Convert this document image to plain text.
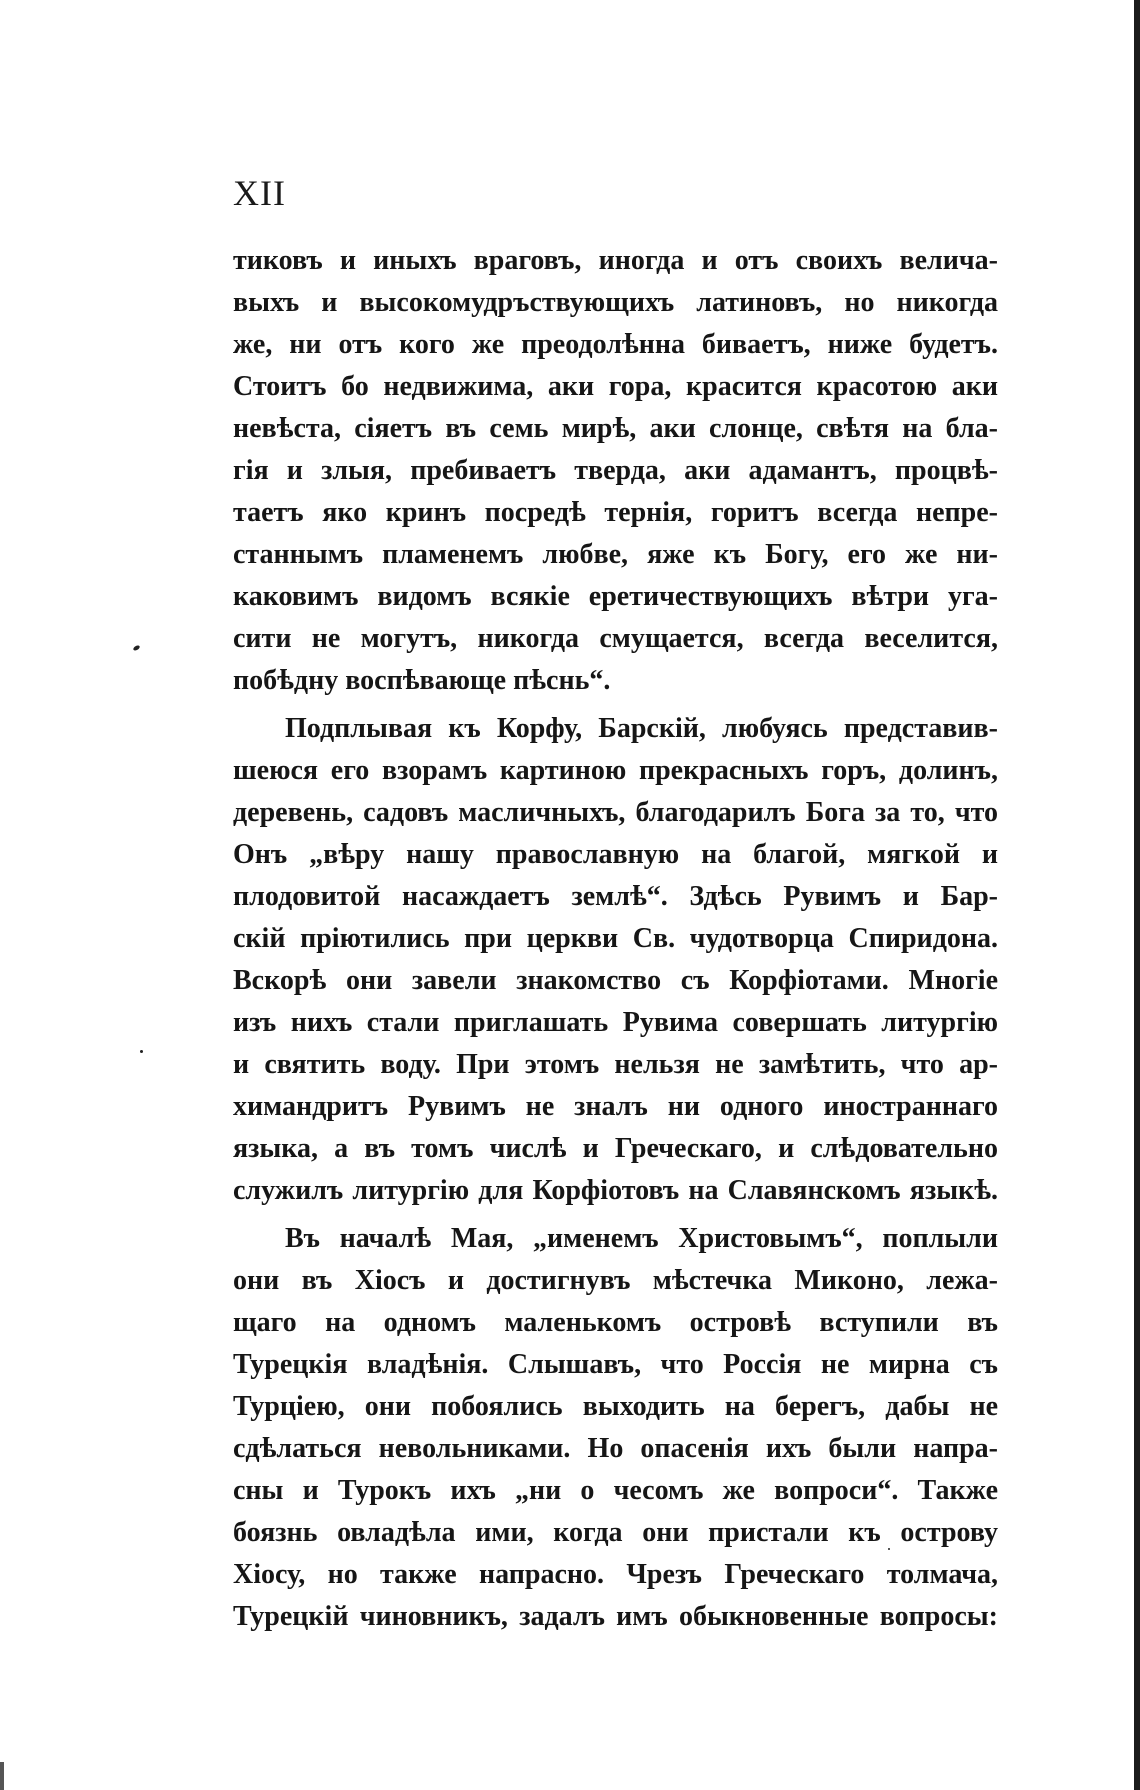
XII
тиковъ и иныхъ враговъ, иногда и отъ своихъ велича-
выхъ и высокомудръствующихъ латиновъ, но никогда
же, ни отъ кого же преодолѣнна биваетъ, ниже будетъ.
Стоитъ бо недвижима, аки гора, красится красотою аки
невѣста, сіяетъ въ семь мирѣ, аки слонце, свѣтя на бла-
гія и злыя, пребиваетъ тверда, аки адамантъ, процвѣ-
таетъ яко кринъ посредѣ тернія, горитъ всегда непре-
станнымъ пламенемъ любве, яже къ Богу, его же ни-
каковимъ видомъ всякіе еретичествующихъ вѣтри уга-
сити не могутъ, никогда смущается, всегда веселится,
побѣдну воспѣвающе пѣснь“.
Подплывая къ Корфу, Барскій, любуясь представив-
шеюся его взорамъ картиною прекрасныхъ горъ, долинъ,
деревень, садовъ масличныхъ, благодарилъ Бога за то, что
Онъ „вѣру нашу православную на благой, мягкой и
плодовитой насаждаетъ землѣ“. Здѣсь Рувимъ и Бар-
скій пріютились при церкви Св. чудотворца Спиридона.
Вскорѣ они завели знакомство съ Корфіотами. Многіе
изъ нихъ стали приглашать Рувима совершать литургію
и святить воду. При этомъ нельзя не замѣтить, что ар-
химандритъ Рувимъ не зналъ ни одного иностраннаго
языка, а въ томъ числѣ и Греческаго, и слѣдовательно
служилъ литургію для Корфіотовъ на Славянскомъ языкѣ.
Въ началѣ Мая, „именемъ Христовымъ“, поплыли
они въ Хіосъ и достигнувъ мѣстечка Миконо, лежа-
щаго на одномъ маленькомъ островѣ вступили въ
Турецкія владѣнія. Слышавъ, что Россія не мирна съ
Турціею, они побоялись выходить на берегъ, дабы не
сдѣлаться невольниками. Но опасенія ихъ были напра-
сны и Турокъ ихъ „ни о чесомъ же вопроси“. Также
боязнь овладѣла ими, когда они пристали къ острову
Хіосу, но также напрасно. Чрезъ Греческаго толмача,
Турецкій чиновникъ, задалъ имъ обыкновенные вопросы:
